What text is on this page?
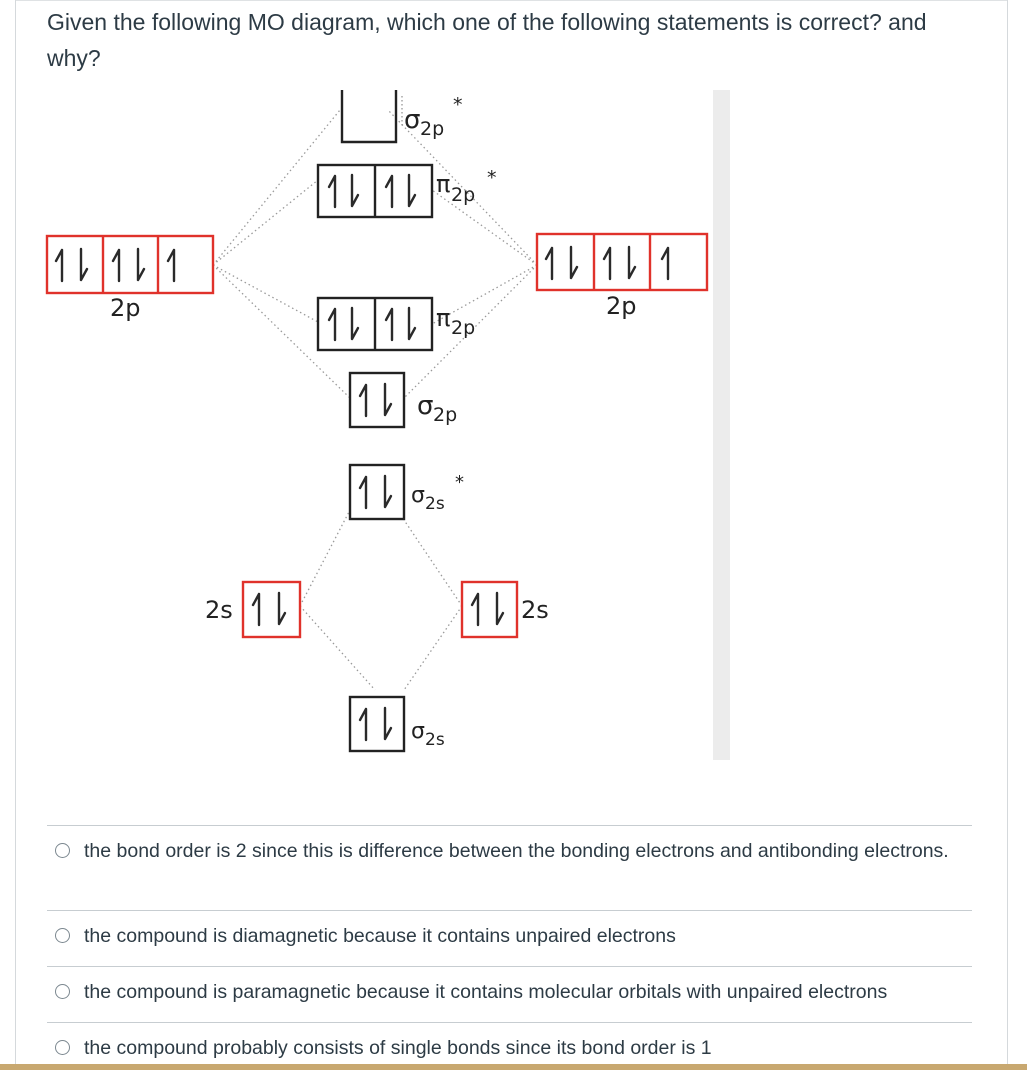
Given the following MO diagram, which one of the following statements is correct? and why?
σ 2p
*
π 2p
*
2p	2p
π 2p
σ 2p
σ 2s
*
2s	2s
σ 2s
the bond order is 2 since this is difference between the bonding electrons and antibonding electrons.
the compound is diamagnetic because it contains unpaired electrons
the compound is paramagnetic because it contains molecular orbitals with unpaired electrons
the compound probably consists of single bonds since its bond order is 1
